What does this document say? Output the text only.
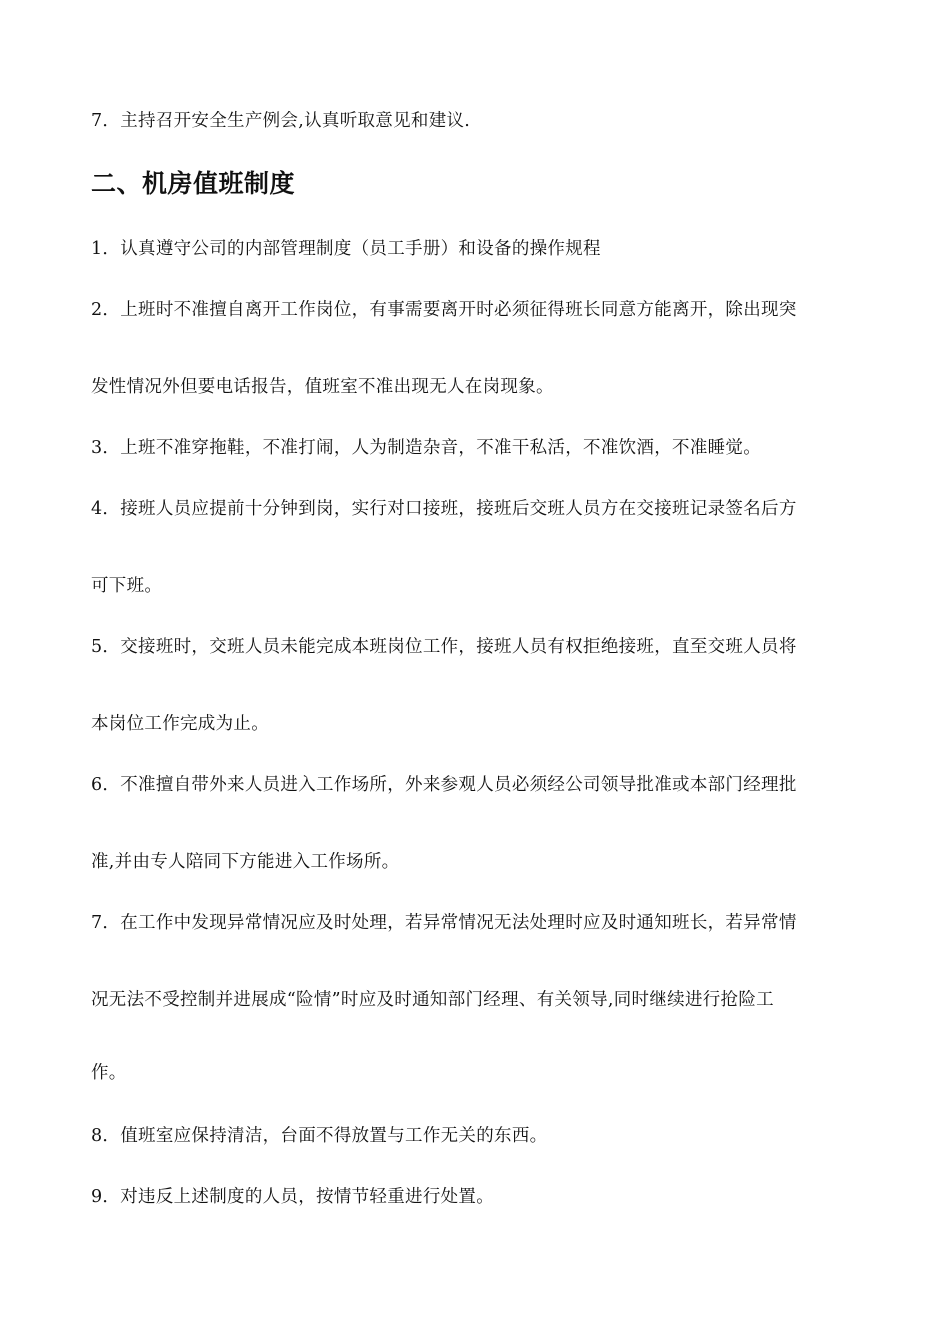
7．主持召开安全生产例会,认真听取意见和建议.
二、机房值班制度
1．认真遵守公司的内部管理制度（员工手册）和设备的操作规程
2．上班时不准擅自离开工作岗位，有事需要离开时必须征得班长同意方能离开，除出现突
发性情况外但要电话报告，值班室不准出现无人在岗现象。
3．上班不准穿拖鞋，不准打闹，人为制造杂音，不准干私活，不准饮酒，不准睡觉。
4．接班人员应提前十分钟到岗，实行对口接班，接班后交班人员方在交接班记录签名后方
可下班。
5．交接班时，交班人员未能完成本班岗位工作，接班人员有权拒绝接班，直至交班人员将
本岗位工作完成为止。
6．不准擅自带外来人员进入工作场所，外来参观人员必须经公司领导批准或本部门经理批
准,并由专人陪同下方能进入工作场所。
7．在工作中发现异常情况应及时处理，若异常情况无法处理时应及时通知班长，若异常情
况无法不受控制并进展成“险情”时应及时通知部门经理、有关领导,同时继续进行抢险工
作。
8．值班室应保持清洁，台面不得放置与工作无关的东西。
9．对违反上述制度的人员，按情节轻重进行处置。
